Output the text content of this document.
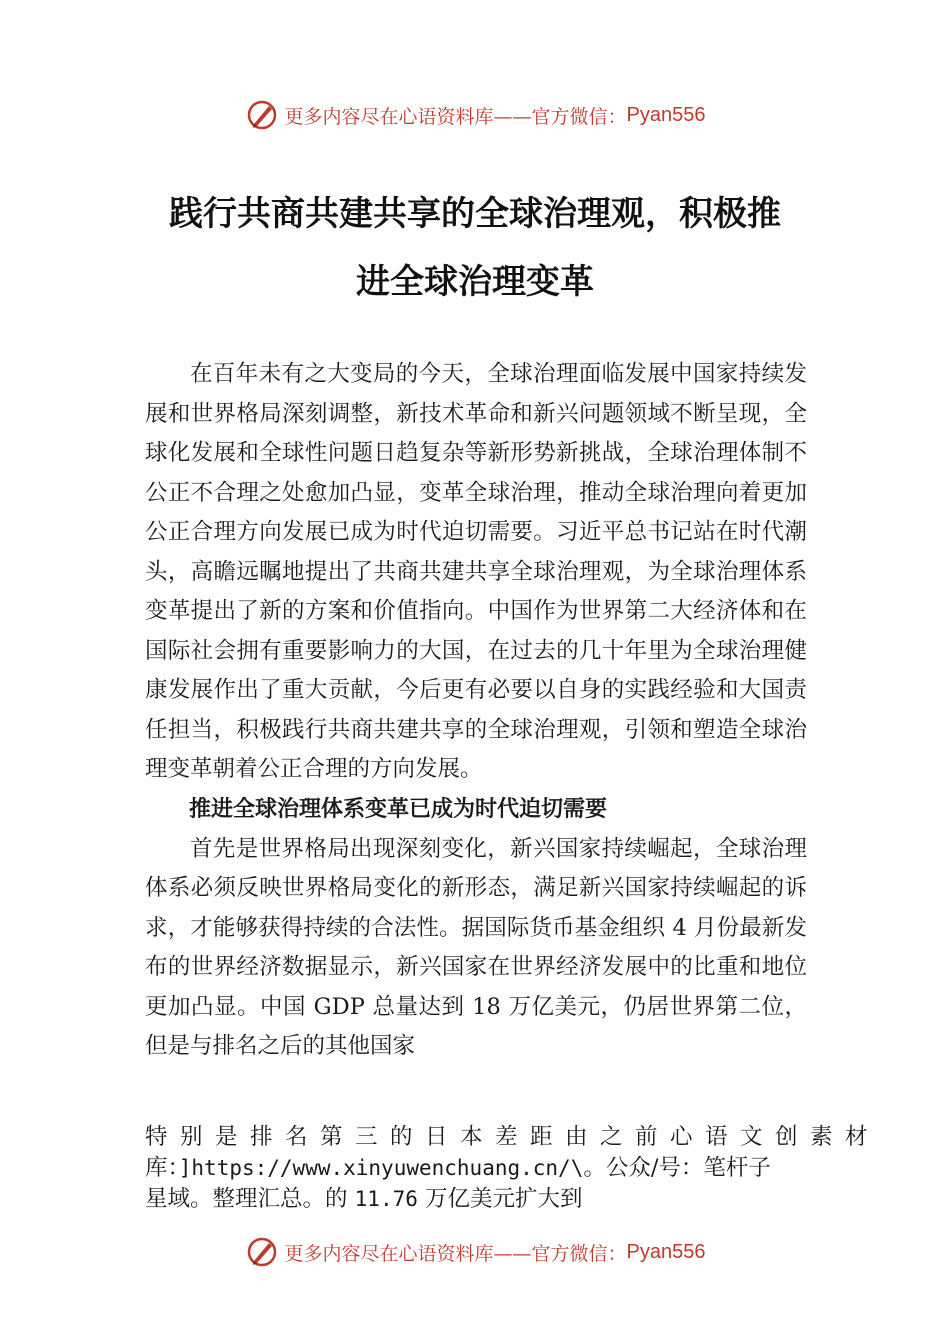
更多内容尽在心语资料库——官方微信： Pyan556
践行共商共建共享的全球治理观，积极推
进全球治理变革

在百年未有之大变局的今天，全球治理面临发展中国家持续发展和世界格局深刻调整，新技术革命和新兴问题领域不断呈现，全球化发展和全球性问题日趋复杂等新形势新挑战，全球治理体制不公正不合理之处愈加凸显，变革全球治理，推动全球治理向着更加公正合理方向发展已成为时代迫切需要。习近平总书记站在时代潮头，高瞻远瞩地提出了共商共建共享全球治理观，为全球治理体系变革提出了新的方案和价值指向。中国作为世界第二大经济体和在国际社会拥有重要影响力的大国，在过去的几十年里为全球治理健康发展作出了重大贡献，今后更有必要以自身的实践经验和大国责任担当，积极践行共商共建共享的全球治理观，引领和塑造全球治理变革朝着公正合理的方向发展。

推进全球治理体系变革已成为时代迫切需要

首先是世界格局出现深刻变化，新兴国家持续崛起，全球治理体系必须反映世界格局变化的新形态，满足新兴国家持续崛起的诉求，才能够获得持续的合法性。据国际货币基金组织 4 月份最新发布的世界经济数据显示，新兴国家在世界经济发展中的比重和地位更加凸显。中国 GDP 总量达到 18 万亿美元，仍居世界第二位，但是与排名之后的其他国家

特别是排名第三的日本差距由之前心语文创素材
库：]https://www.xinyuwenchuang.cn/\。公众/号：笔杆子
星域。整理汇总。的 11.76 万亿美元扩大到
更多内容尽在心语资料库——官方微信： Pyan556
